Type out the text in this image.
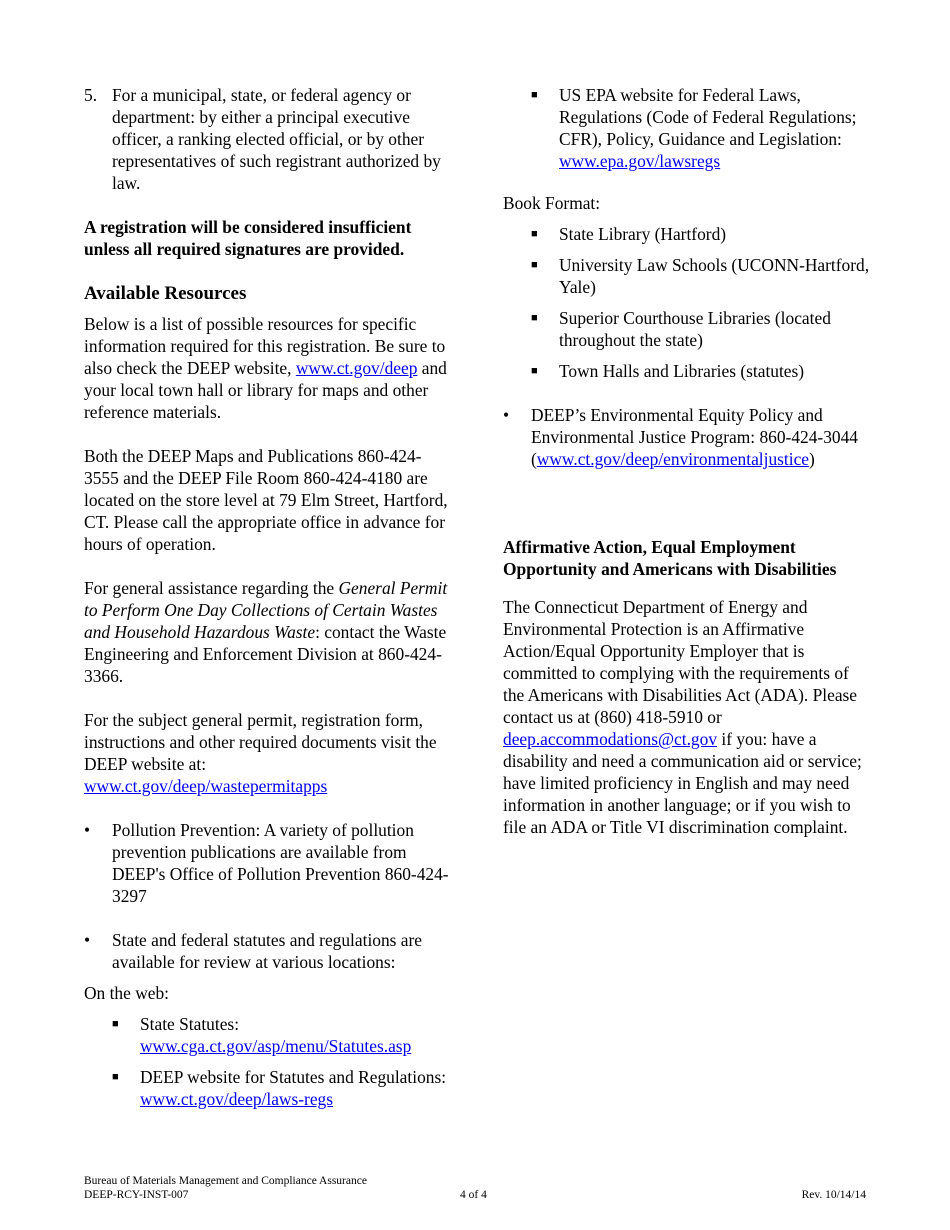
5. For a municipal, state, or federal agency or department: by either a principal executive officer, a ranking elected official, or by other representatives of such registrant authorized by law.

A registration will be considered insufficient unless all required signatures are provided.

Available Resources

Below is a list of possible resources for specific information required for this registration. Be sure to also check the DEEP website, www.ct.gov/deep and your local town hall or library for maps and other reference materials.

Both the DEEP Maps and Publications 860-424-3555 and the DEEP File Room 860-424-4180 are located on the store level at 79 Elm Street, Hartford, CT. Please call the appropriate office in advance for hours of operation.

For general assistance regarding the General Permit to Perform One Day Collections of Certain Wastes and Household Hazardous Waste: contact the Waste Engineering and Enforcement Division at 860-424-3366.

For the subject general permit, registration form, instructions and other required documents visit the DEEP website at:
www.ct.gov/deep/wastepermitapps

• Pollution Prevention: A variety of pollution prevention publications are available from DEEP's Office of Pollution Prevention 860-424-3297

• State and federal statutes and regulations are available for review at various locations:

On the web:

■ State Statutes:
www.cga.ct.gov/asp/menu/Statutes.asp

■ DEEP website for Statutes and Regulations: www.ct.gov/deep/laws-regs

■ US EPA website for Federal Laws, Regulations (Code of Federal Regulations; CFR), Policy, Guidance and Legislation: www.epa.gov/lawsregs

Book Format:

■ State Library (Hartford)

■ University Law Schools (UCONN-Hartford, Yale)

■ Superior Courthouse Libraries (located throughout the state)

■ Town Halls and Libraries (statutes)

• DEEP’s Environmental Equity Policy and Environmental Justice Program: 860-424-3044
(www.ct.gov/deep/environmentaljustice)

Affirmative Action, Equal Employment Opportunity and Americans with Disabilities

The Connecticut Department of Energy and Environmental Protection is an Affirmative Action/Equal Opportunity Employer that is committed to complying with the requirements of the Americans with Disabilities Act (ADA). Please contact us at (860) 418-5910 or deep.accommodations@ct.gov if you: have a disability and need a communication aid or service; have limited proficiency in English and may need information in another language; or if you wish to file an ADA or Title VI discrimination complaint.

Bureau of Materials Management and Compliance Assurance
DEEP-RCY-INST-007	4 of 4	Rev. 10/14/14
